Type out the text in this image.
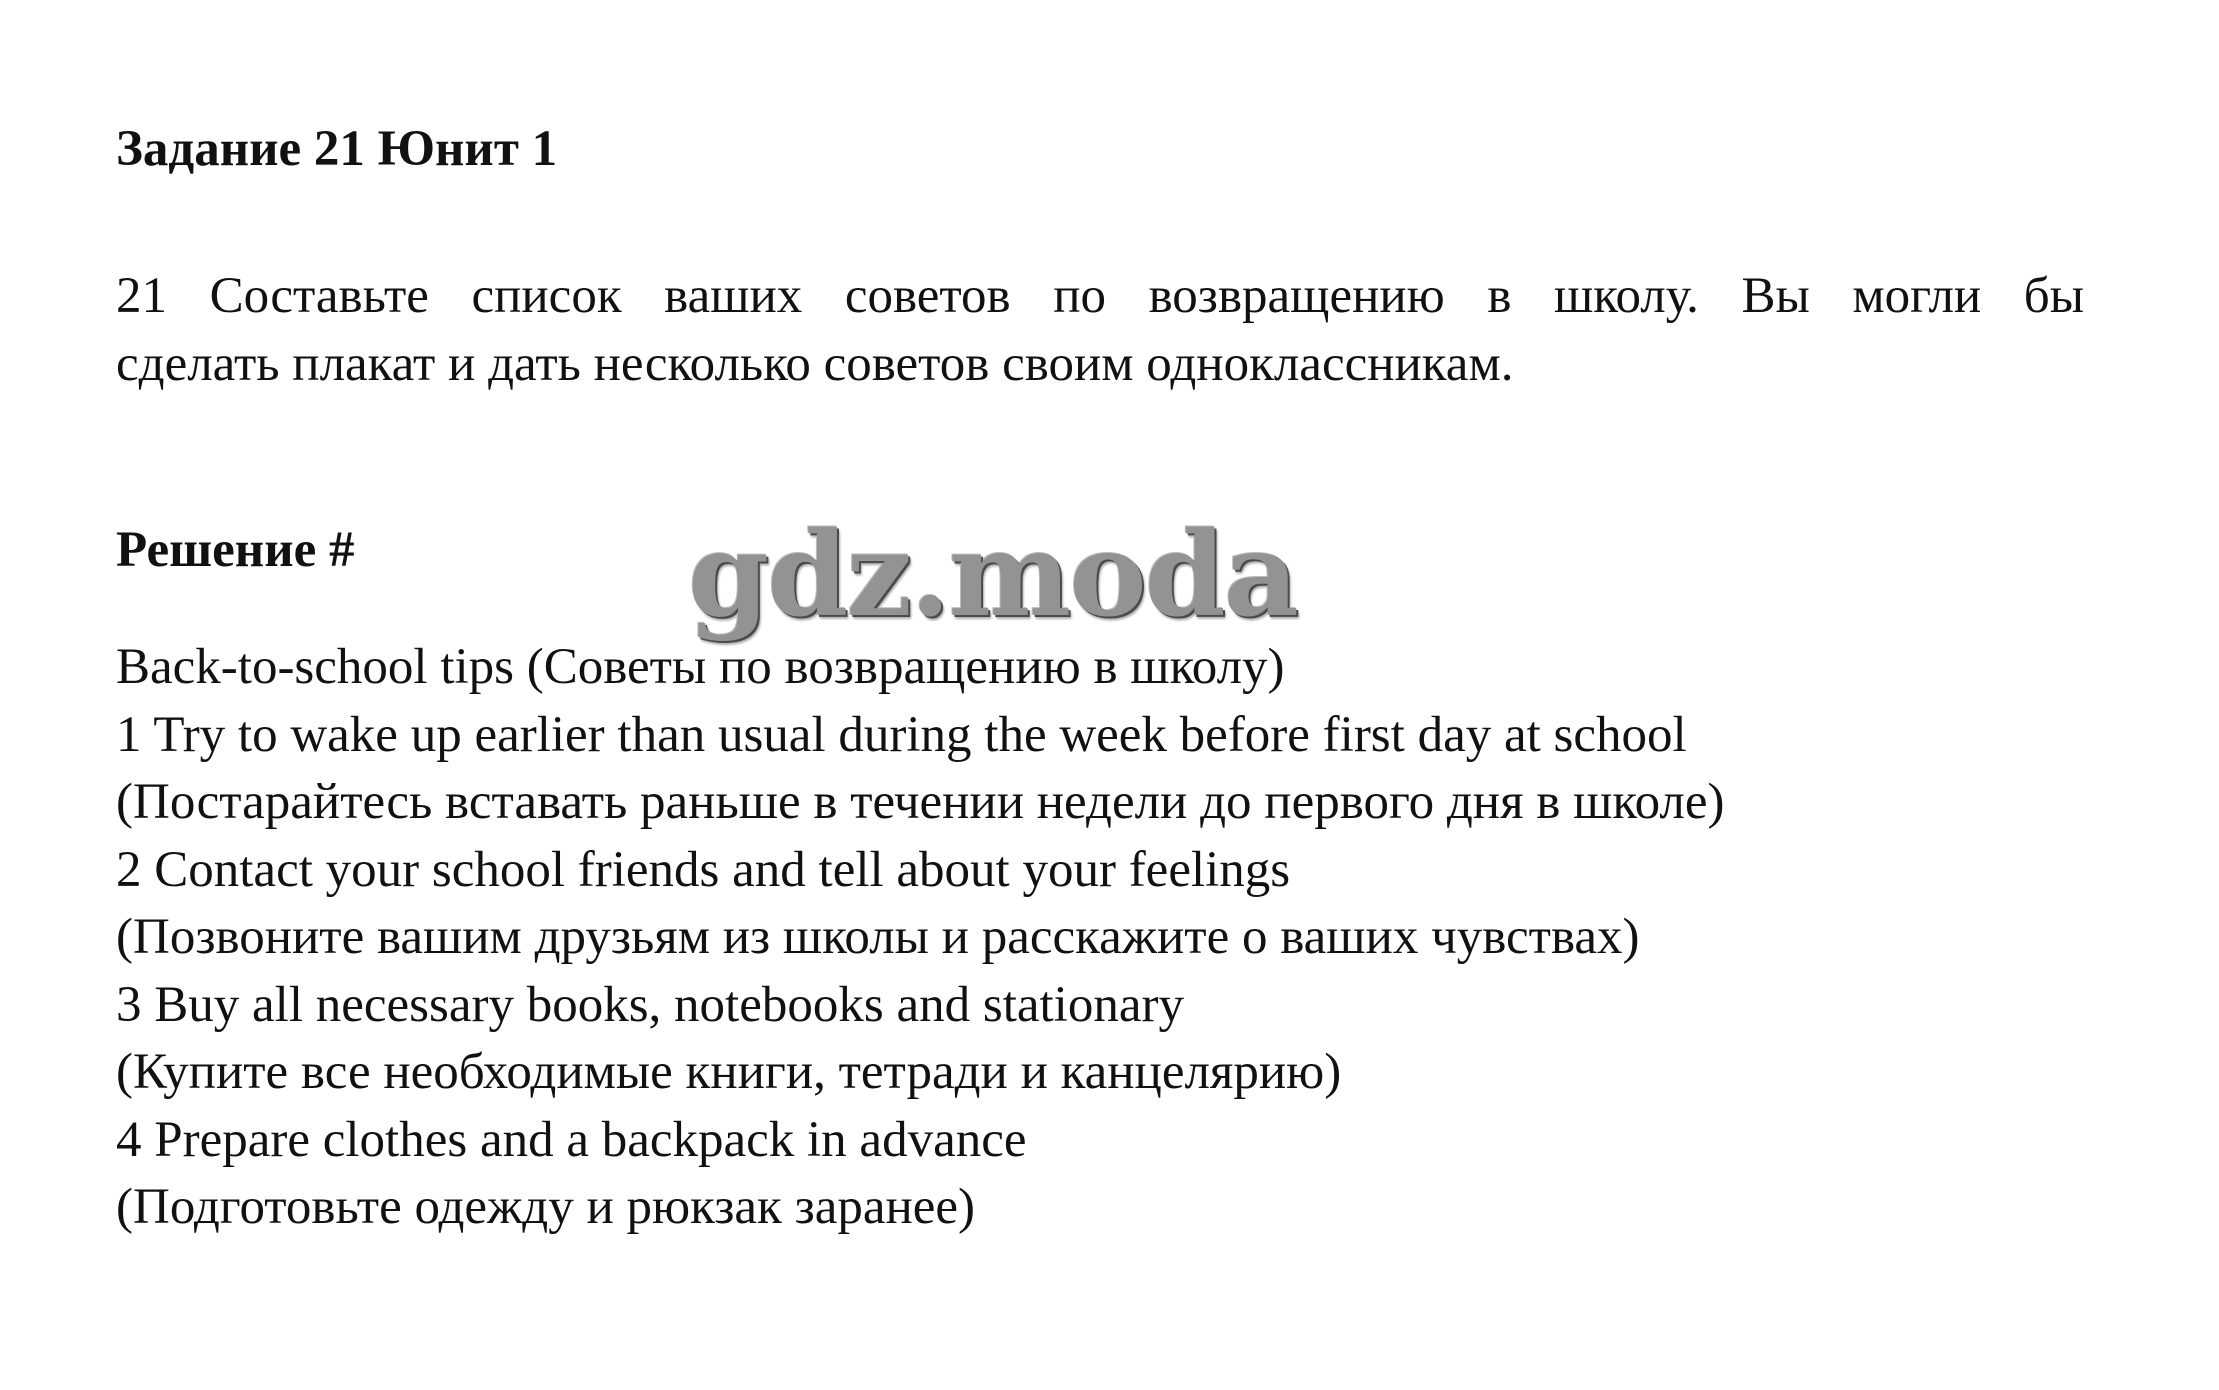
Задание 21 Юнит 1
21 Составьте список ваших советов по возвращению в школу. Вы могли бы
сделать плакат и дать несколько советов своим одноклассникам.
Решение #	gdz.moda
Back-to-school tips (Советы по возвращению в школу)
1 Try to wake up earlier than usual during the week before first day at school
(Постарайтесь вставать раньше в течении недели до первого дня в школе)
2 Contact your school friends and tell about your feelings
(Позвоните вашим друзьям из школы и расскажите о ваших чувствах)
3 Buy all necessary books, notebooks and stationary
(Купите все необходимые книги, тетради и канцелярию)
4 Prepare clothes and a backpack in advance
(Подготовьте одежду и рюкзак заранее)
